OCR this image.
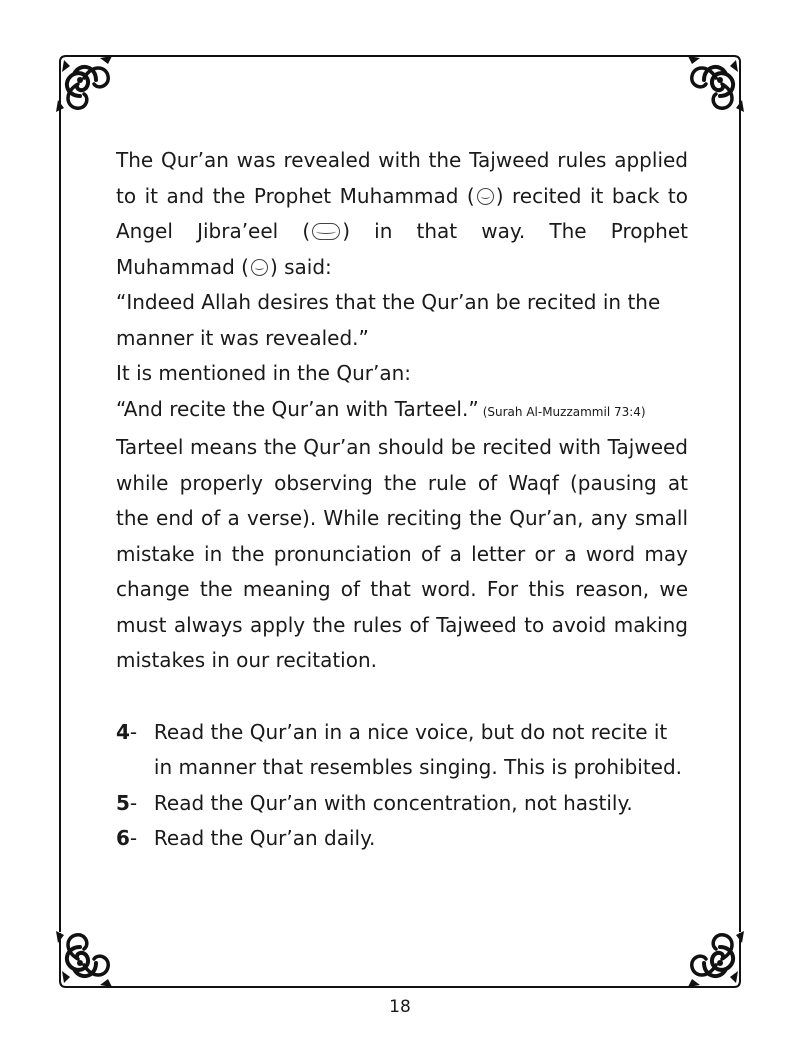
The Qur’an was revealed with the Tajweed rules applied to it and the Prophet Muhammad ( ) recited it back to Angel Jibra’eel ( ) in that way. The Prophet Muhammad ( ) said:

“Indeed Allah desires that the Qur’an be recited in the manner it was revealed.”

It is mentioned in the Qur’an:

“And recite the Qur’an with Tarteel.” (Surah Al-Muzzammil 73:4)

Tarteel means the Qur’an should be recited with Tajweed while properly observing the rule of Waqf (pausing at the end of a verse). While reciting the Qur’an, any small mistake in the pronunciation of a letter or a word may change the meaning of that word. For this reason, we must always apply the rules of Tajweed to avoid making mistakes in our recitation.

4 - Read the Qur’an in a nice voice, but do not recite it in manner that resembles singing. This is prohibited.
5 - Read the Qur’an with concentration, not hastily.
6 - Read the Qur’an daily.
18
